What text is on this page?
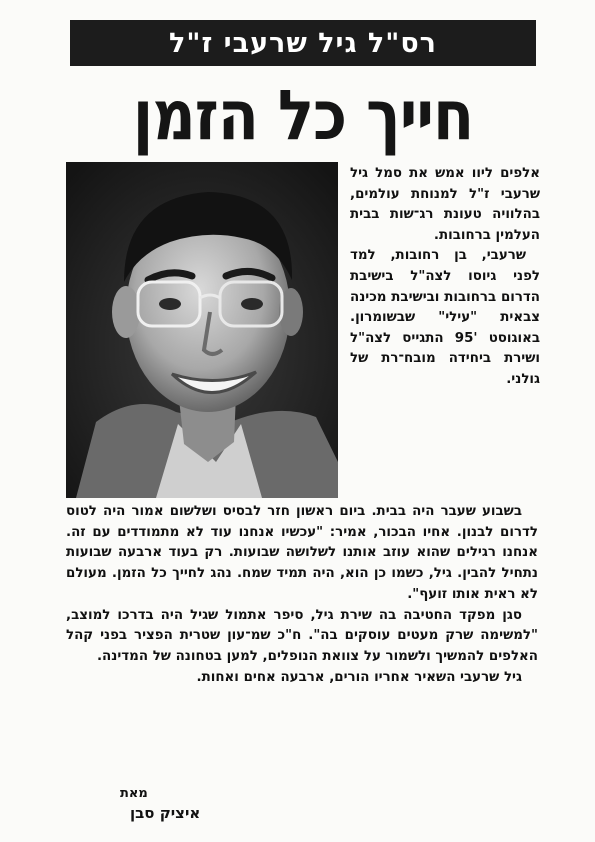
רס"ל גיל שרעבי ז"ל
חייך כל הזמן

אלפים ליוו אמש את סמל גיל שרעבי ז"ל למנוחת עולמים, בהלוויה טעונת רג־שות בבית העלמין ברחובות.

שרעבי, בן רחובות, למד לפני גיוסו לצה"ל בישיבת הדרום ברחובות ובישיבת מכינה צבאית "עילי" שבשומרון. באוגוסט '95 התגייס לצה"ל ושירת ביחידה מובח־רת של גולני.

בשבוע שעבר היה בבית. ביום ראשון חזר לבסיס ושלשום אמור היה לטוס לדרום לבנון. אחיו הבכור, אמיר: "עכשיו אנחנו עוד לא מתמודדים עם זה. אנחנו רגילים שהוא עוזב אותנו לשלושה שבועות. רק בעוד ארבעה שבועות נתחיל להבין. גיל, כשמו כן הוא, היה תמיד שמח. נהג לחייך כל הזמן. מעולם לא ראית אותו זועף".

סגן מפקד החטיבה בה שירת גיל, סיפר אתמול שגיל היה בדרכו למוצב, "למשימה שרק מעטים עוסקים בה". ח"כ שמ־עון שטרית הפציר בפני קהל האלפים להמשיך ולשמור על צוואת הנופלים, למען בטחונה של המדינה.

גיל שרעבי השאיר אחריו הורים, ארבעה אחים ואחות.

מאת
איציק סבן
